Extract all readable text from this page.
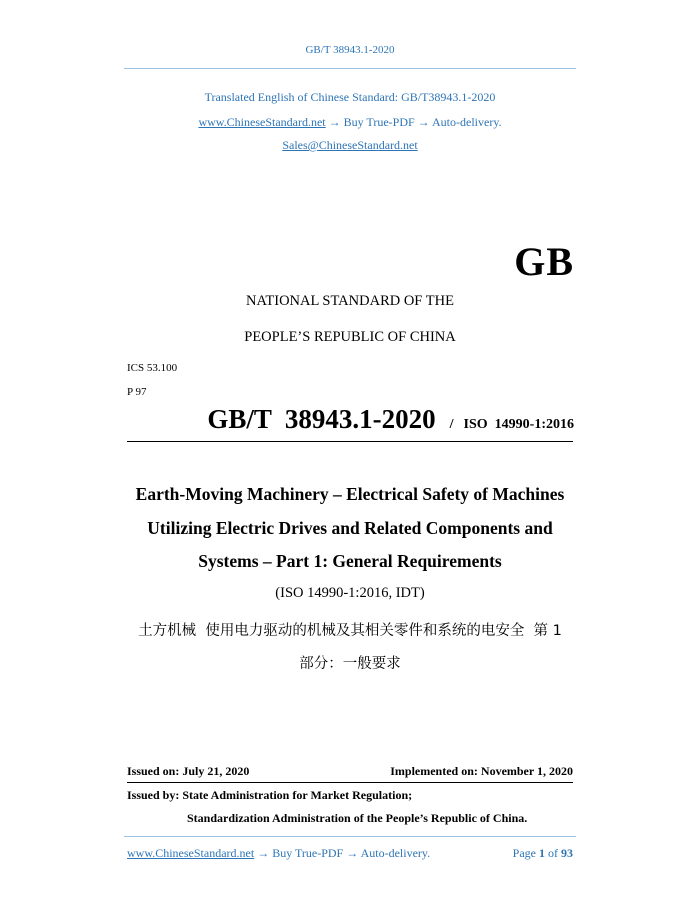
GB/T 38943.1-2020
Translated English of Chinese Standard: GB/T38943.1-2020
www.ChineseStandard.net → Buy True-PDF → Auto-delivery.
Sales@ChineseStandard.net
GB
NATIONAL STANDARD OF THE
PEOPLE’S REPUBLIC OF CHINA
ICS 53.100
P 97
GB/T  38943.1-2020 / ISO  14990-1:2016
Earth-Moving Machinery – Electrical Safety of Machines
Utilizing Electric Drives and Related Components and
Systems – Part 1: General Requirements
(ISO 14990-1:2016, IDT)
土方机械  使用电力驱动的机械及其相关零件和系统的电安全  第 1
部分：一般要求
Issued on: July 21, 2020	Implemented on: November 1, 2020
Issued by: State Administration for Market Regulation;
Standardization Administration of the People’s Republic of China.
www.ChineseStandard.net → Buy True-PDF → Auto-delivery.	Page 1 of 93
